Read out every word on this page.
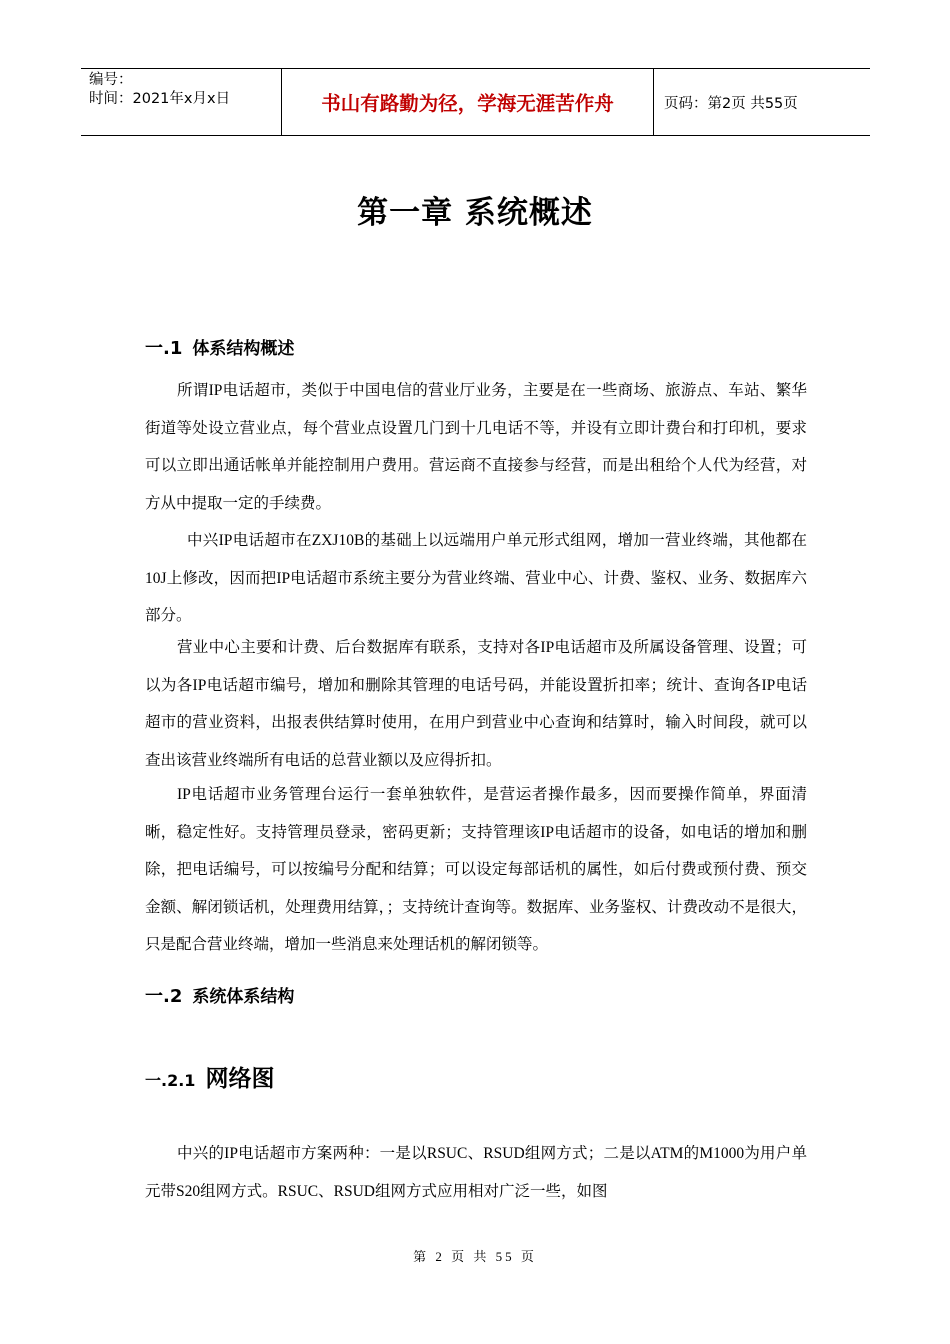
编号：
时间：2021年x月x日	书山有路勤为径，学海无涯苦作舟	页码：第2页 共55页
第一章 系统概述
一.1 体系结构概述
所谓IP电话超市，类似于中国电信的营业厅业务，主要是在一些商场、旅游点、车站、繁华街道等处设立营业点，每个营业点设置几门到十几电话不等，并设有立即计费台和打印机，要求可以立即出通话帐单并能控制用户费用。营运商不直接参与经营，而是出租给个人代为经营，对方从中提取一定的手续费。
中兴IP电话超市在ZXJ10B的基础上以远端用户单元形式组网，增加一营业终端，其他都在10J上修改，因而把IP电话超市系统主要分为营业终端、营业中心、计费、鉴权、业务、数据库六部分。
营业中心主要和计费、后台数据库有联系，支持对各IP电话超市及所属设备管理、设置；可以为各IP电话超市编号，增加和删除其管理的电话号码，并能设置折扣率；统计、查询各IP电话超市的营业资料，出报表供结算时使用，在用户到营业中心查询和结算时，输入时间段，就可以查出该营业终端所有电话的总营业额以及应得折扣。
IP电话超市业务管理台运行一套单独软件，是营运者操作最多，因而要操作简单，界面清晰，稳定性好。支持管理员登录，密码更新；支持管理该IP电话超市的设备，如电话的增加和删除，把电话编号，可以按编号分配和结算；可以设定每部话机的属性，如后付费或预付费、预交金额、解闭锁话机，处理费用结算，；支持统计查询等。数据库、业务鉴权、计费改动不是很大，只是配合营业终端，增加一些消息来处理话机的解闭锁等。
一.2 系统体系结构
一.2.1 网络图
中兴的IP电话超市方案两种：一是以RSUC、RSUD组网方式；二是以ATM的M1000为用户单元带S20组网方式。RSUC、RSUD组网方式应用相对广泛一些，如图
第 2 页 共 55 页
